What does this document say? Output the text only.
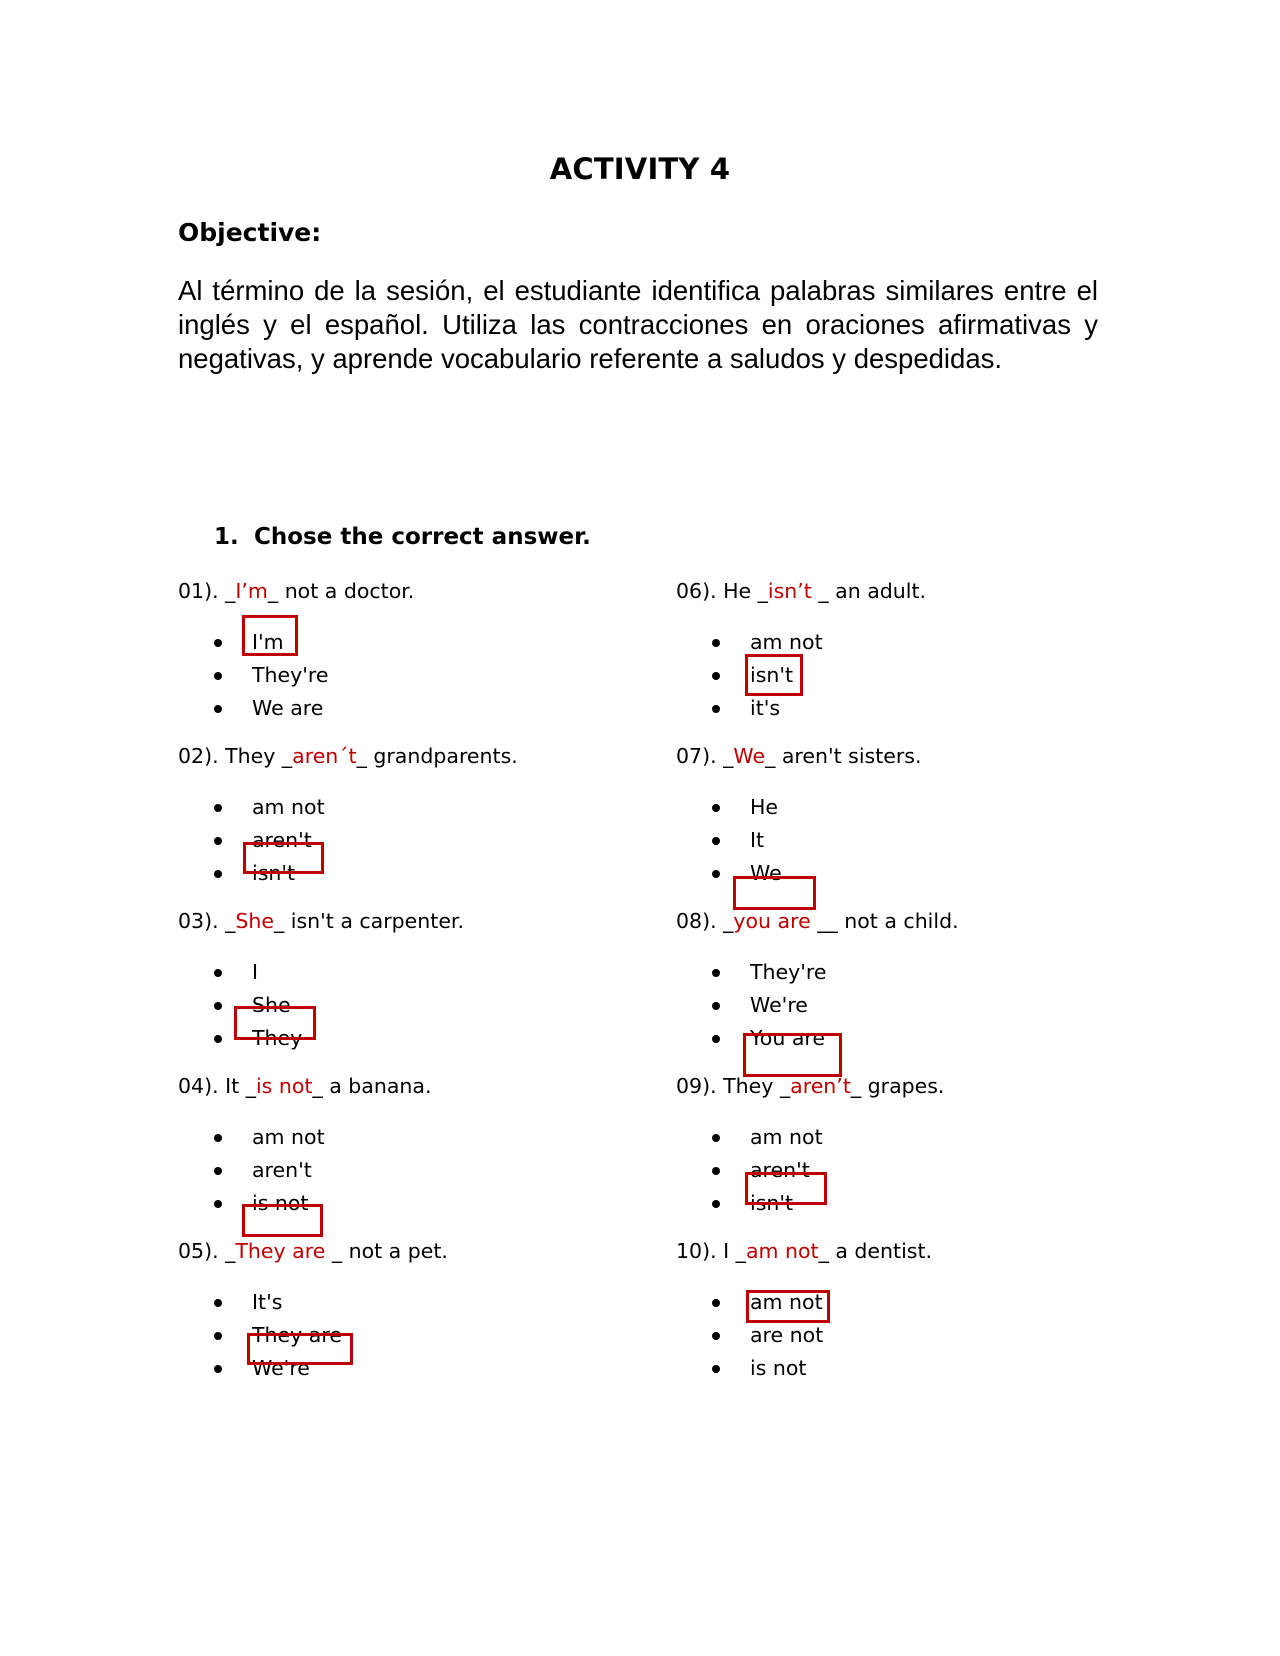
ACTIVITY 4
Objective:
Al término de la sesión, el estudiante identifica palabras similares entre el inglés y el español. Utiliza las contracciones en oraciones afirmativas y negativas, y aprende vocabulario referente a saludos y despedidas.
1. Chose the correct answer.
01). _I’m_ not a doctor.
I'm
They're
We are
02). They _aren´t_ grandparents.
am not
aren't
isn't
03). _She_ isn't a carpenter.
I
She
They
04). It _is not_ a banana.
am not
aren't
is not
05). _They are _ not a pet.
It's
They are
We're
06). He _isn’t _ an adult.
am not
isn't
it's
07). _We_ aren't sisters.
He
It
We
08). _you are __ not a child.
They're
We're
You are
09). They _aren’t_ grapes.
am not
aren't
isn't
10). I _am not_ a dentist.
am not
are not
is not
